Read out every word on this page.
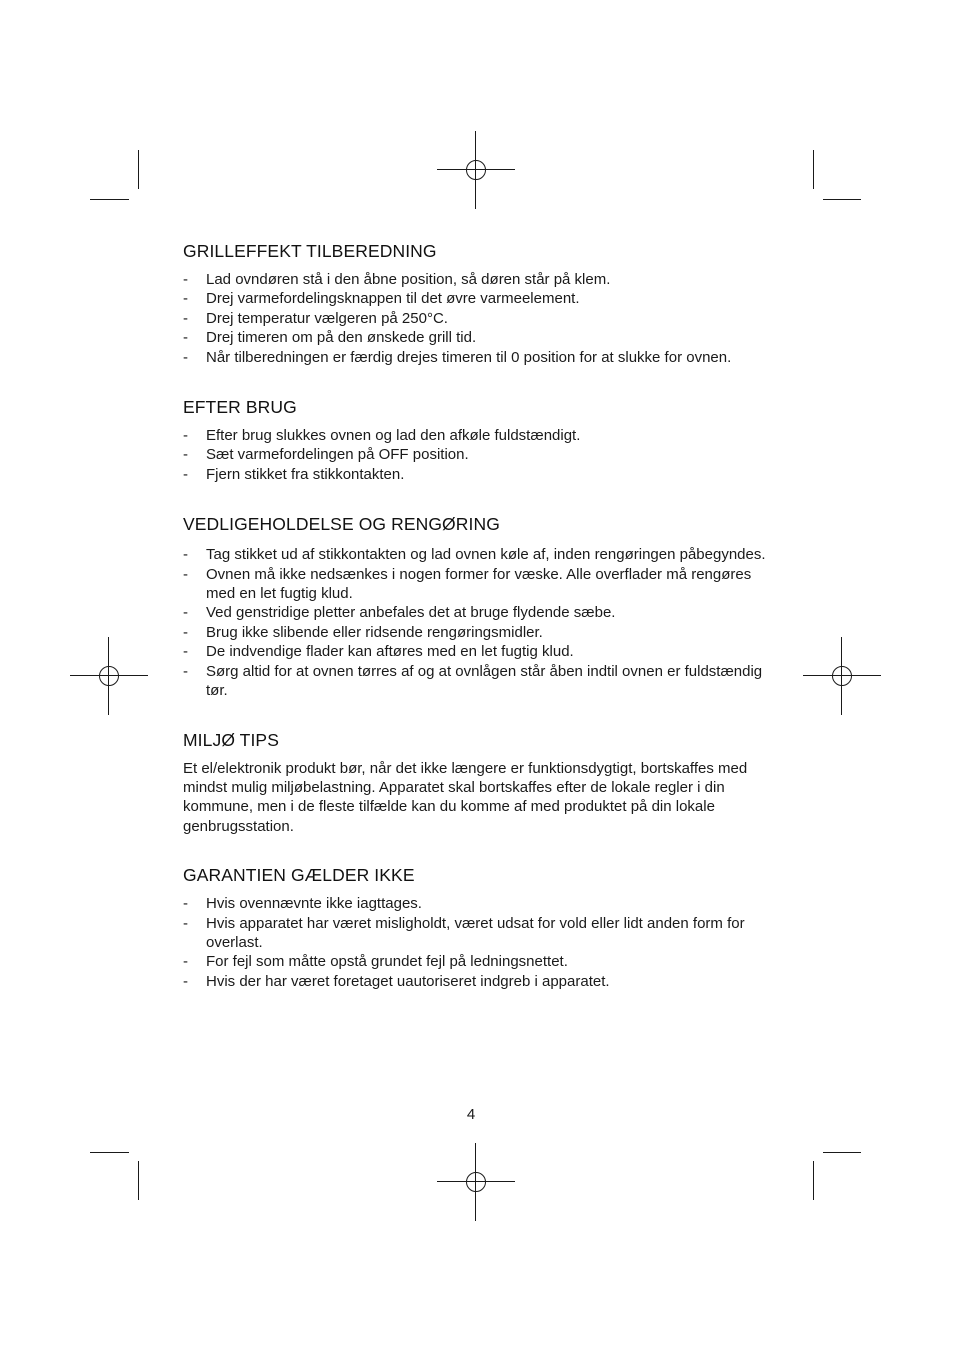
GRILLEFFEKT TILBEREDNING
- Lad ovndøren stå i den åbne position, så døren står på klem.
- Drej varmefordelingsknappen til det øvre varmeelement.
- Drej temperatur vælgeren på 250°C.
- Drej timeren om på den ønskede grill tid.
- Når tilberedningen er færdig drejes timeren til 0 position for at slukke for ovnen.
EFTER BRUG
- Efter brug slukkes ovnen og lad den afkøle fuldstændigt.
- Sæt varmefordelingen på OFF position.
- Fjern stikket fra stikkontakten.
VEDLIGEHOLDELSE OG RENGØRING
- Tag stikket ud af stikkontakten og lad ovnen køle af, inden rengøringen påbegyndes.
- Ovnen må ikke nedsænkes i nogen former for væske. Alle overflader må rengøres med en let fugtig klud.
- Ved genstridige pletter anbefales det at bruge flydende sæbe.
- Brug ikke slibende eller ridsende rengøringsmidler.
- De indvendige flader kan aftøres med en let fugtig klud.
- Sørg altid for at ovnen tørres af og at ovnlågen står åben indtil ovnen er fuldstændig tør.
MILJØ TIPS

Et el/elektronik produkt bør, når det ikke længere er funktionsdygtigt, bortskaffes med mindst mulig miljøbelastning. Apparatet skal bortskaffes efter de lokale regler i din kommune, men i de fleste tilfælde kan du komme af med produktet på din lokale genbrugsstation.

GARANTIEN GÆLDER IKKE
- Hvis ovennævnte ikke iagttages.
- Hvis apparatet har været misligholdt, været udsat for vold eller lidt anden form for overlast.
- For fejl som måtte opstå grundet fejl på ledningsnettet.
- Hvis der har været foretaget uautoriseret indgreb i apparatet.
4
